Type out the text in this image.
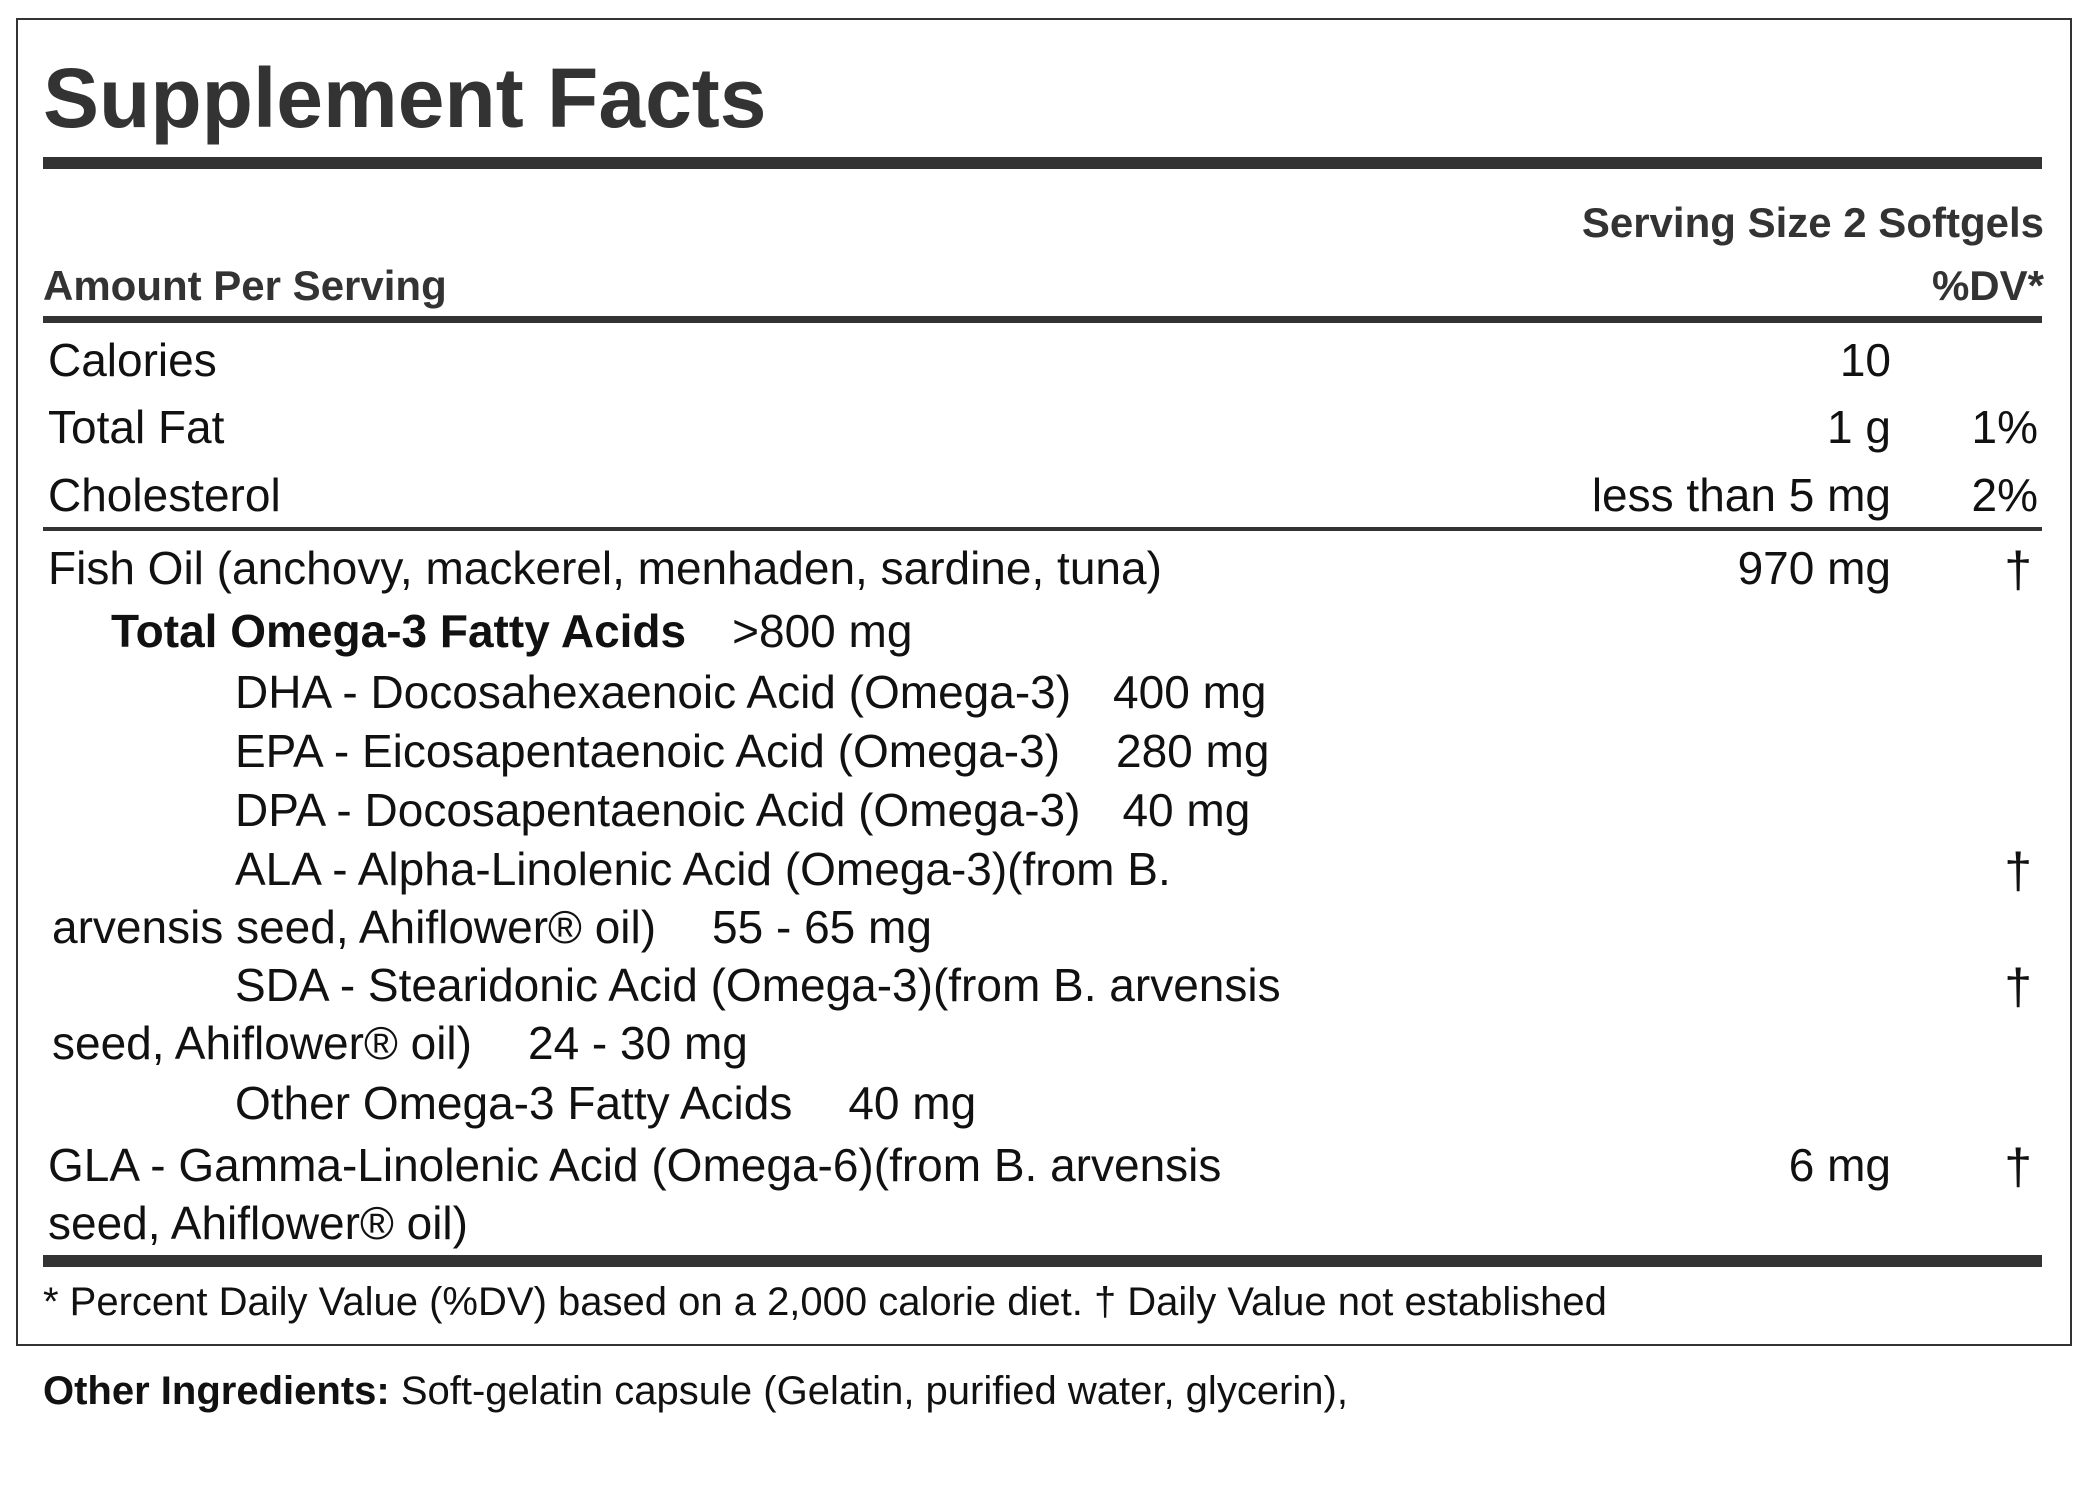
Supplement Facts
Serving Size 2 Softgels
Amount Per Serving	%DV*
Calories	10
Total Fat	1 g 1%
Cholesterol	less than 5 mg 2%
Fish Oil (anchovy, mackerel, menhaden, sardine, tuna)	970 mg †
Total Omega-3 Fatty Acids >800 mg
DHA - Docosahexaenoic Acid (Omega-3) 400 mg
EPA - Eicosapentaenoic Acid (Omega-3) 280 mg
DPA - Docosapentaenoic Acid (Omega-3) 40 mg
ALA - Alpha-Linolenic Acid (Omega-3)(from B.	†
arvensis seed, Ahiflower® oil) 55 - 65 mg
SDA - Stearidonic Acid (Omega-3)(from B. arvensis	†
seed, Ahiflower® oil) 24 - 30 mg
Other Omega-3 Fatty Acids 40 mg
GLA - Gamma-Linolenic Acid (Omega-6)(from B. arvensis	6 mg †
seed, Ahiflower® oil)
* Percent Daily Value (%DV) based on a 2,000 calorie diet. † Daily Value not established
Other Ingredients: Soft-gelatin capsule (Gelatin, purified water, glycerin),
